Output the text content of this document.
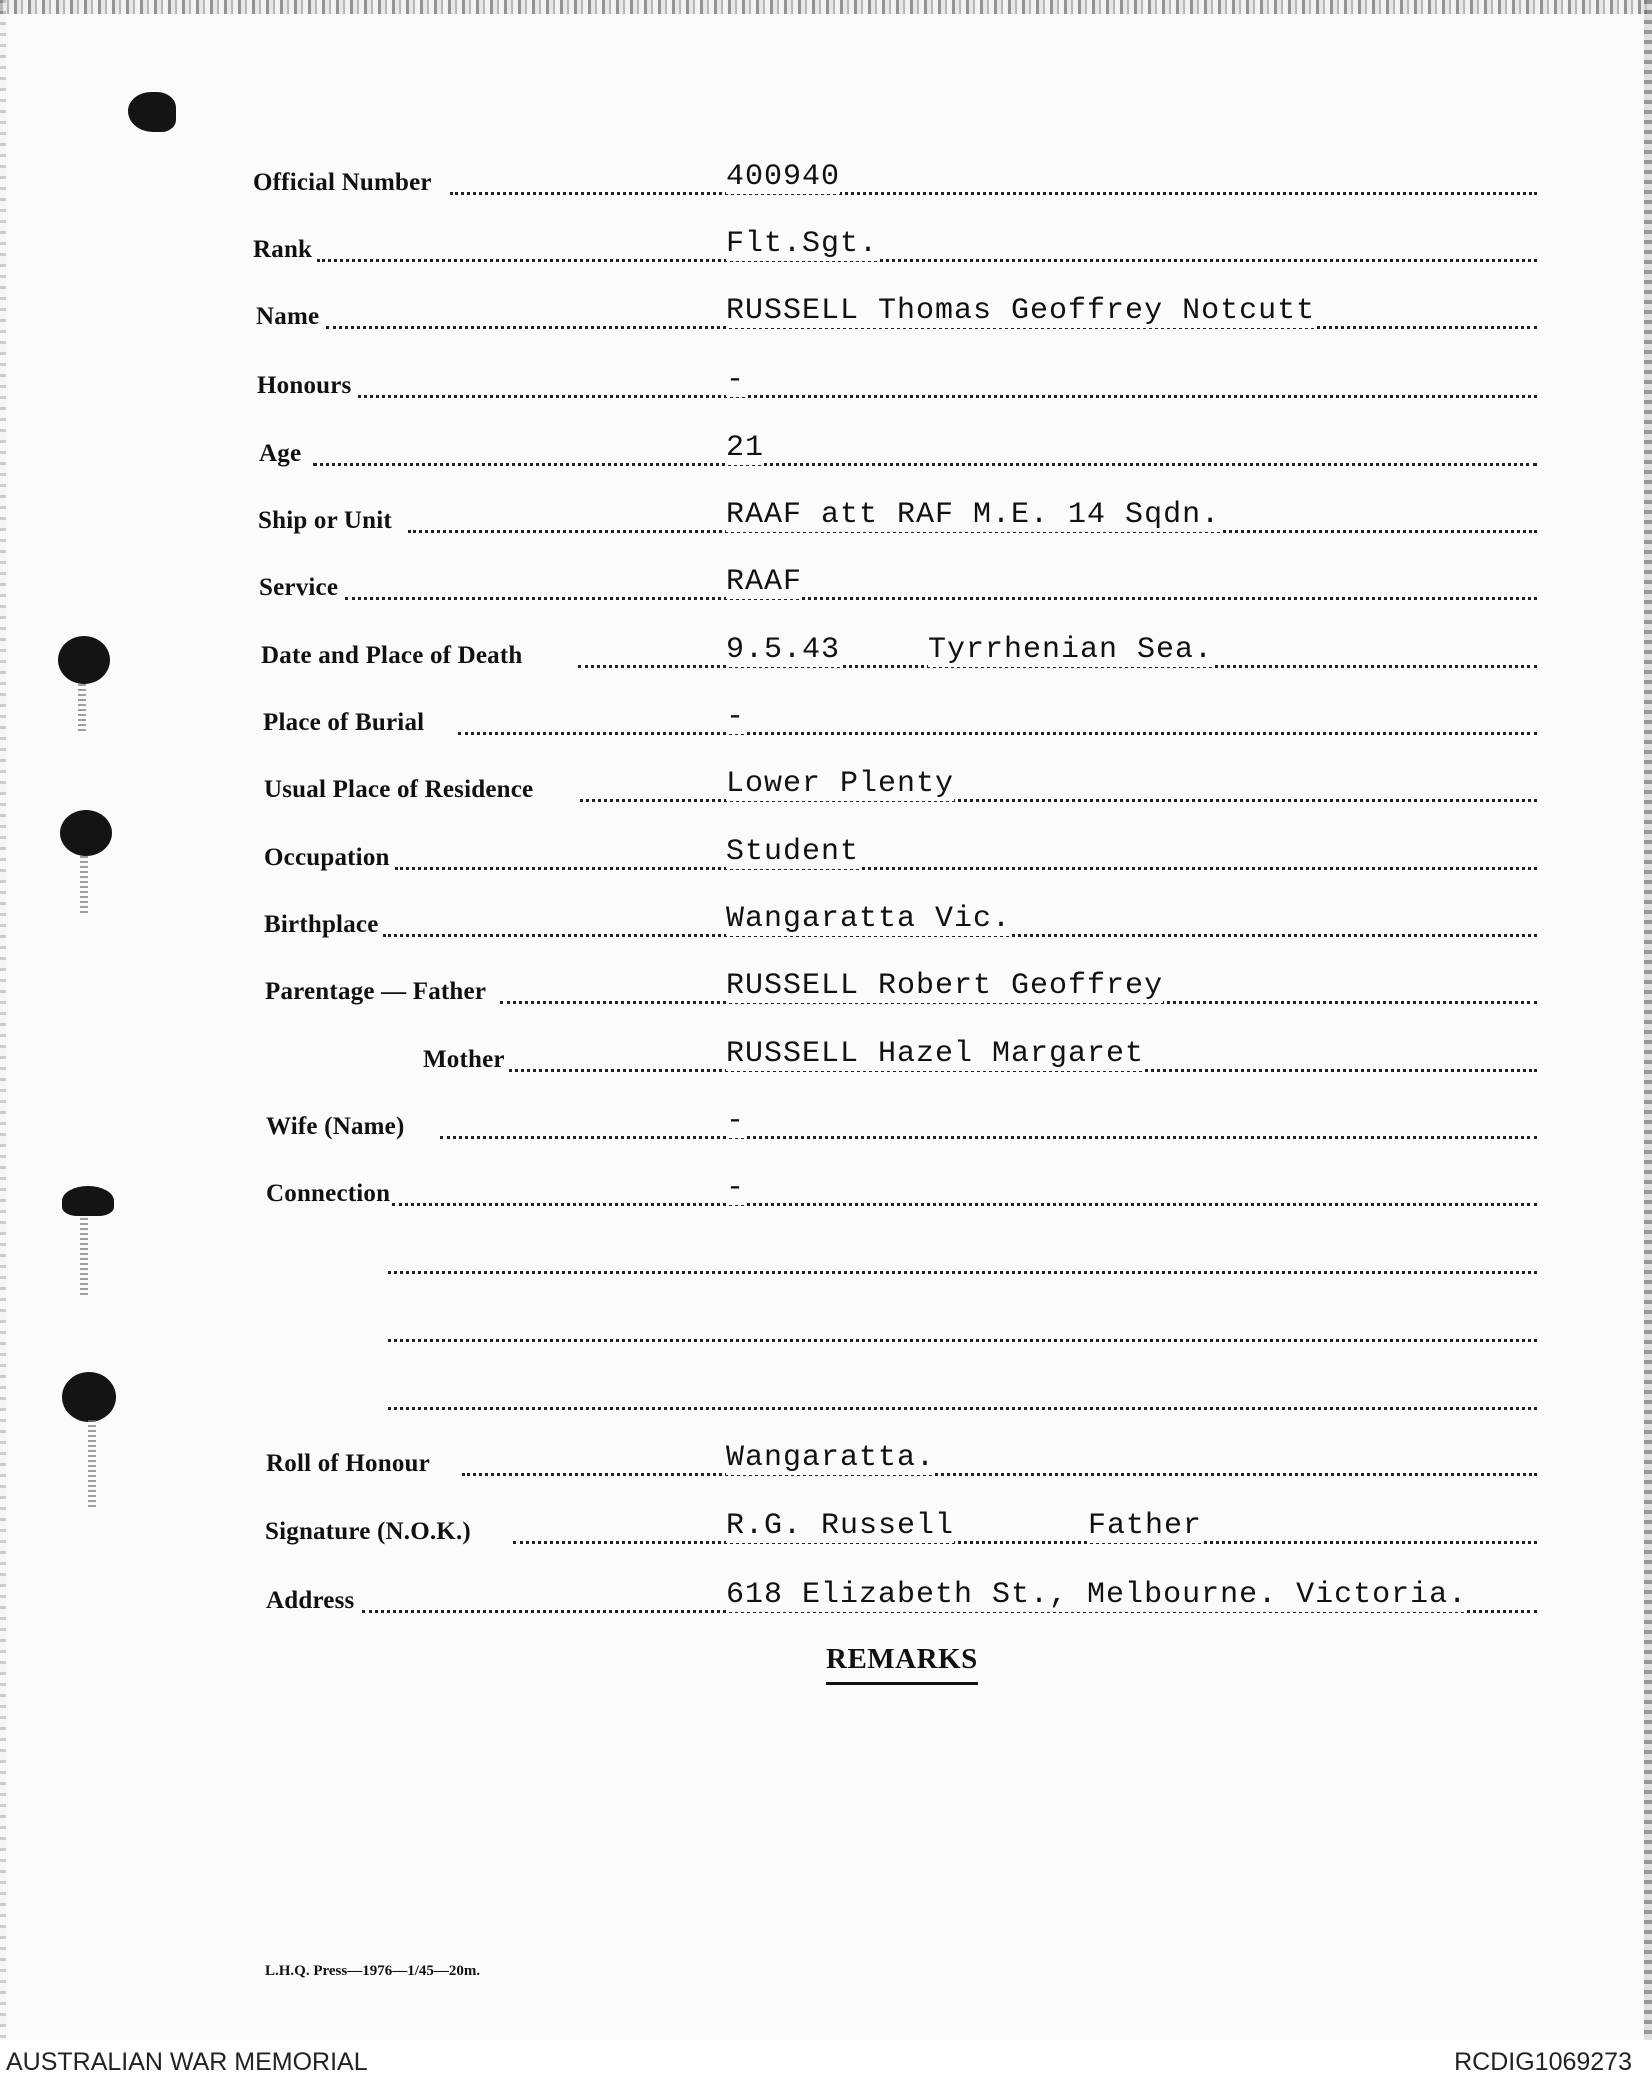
Official Number	400940
Rank	Flt.Sgt.
Name	RUSSELL Thomas Geoffrey Notcutt
Honours	-
Age	21
Ship or Unit	RAAF att RAF M.E. 14 Sqdn.
Service	RAAF
Date and Place of Death	9.5.43	Tyrrhenian Sea.
Place of Burial	-
Usual Place of Residence	Lower Plenty
Occupation	Student
Birthplace	Wangaratta Vic.
Parentage — Father	RUSSELL Robert Geoffrey
Mother	RUSSELL Hazel Margaret
Wife (Name)	-
Connection	-
Roll of Honour	Wangaratta.
Signature (N.O.K.)	R.G. Russell	Father
Address	618 Elizabeth St., Melbourne. Victoria.
REMARKS
L.H.Q. Press—1976—1/45—20m.
AUSTRALIAN WAR MEMORIAL	RCDIG1069273
